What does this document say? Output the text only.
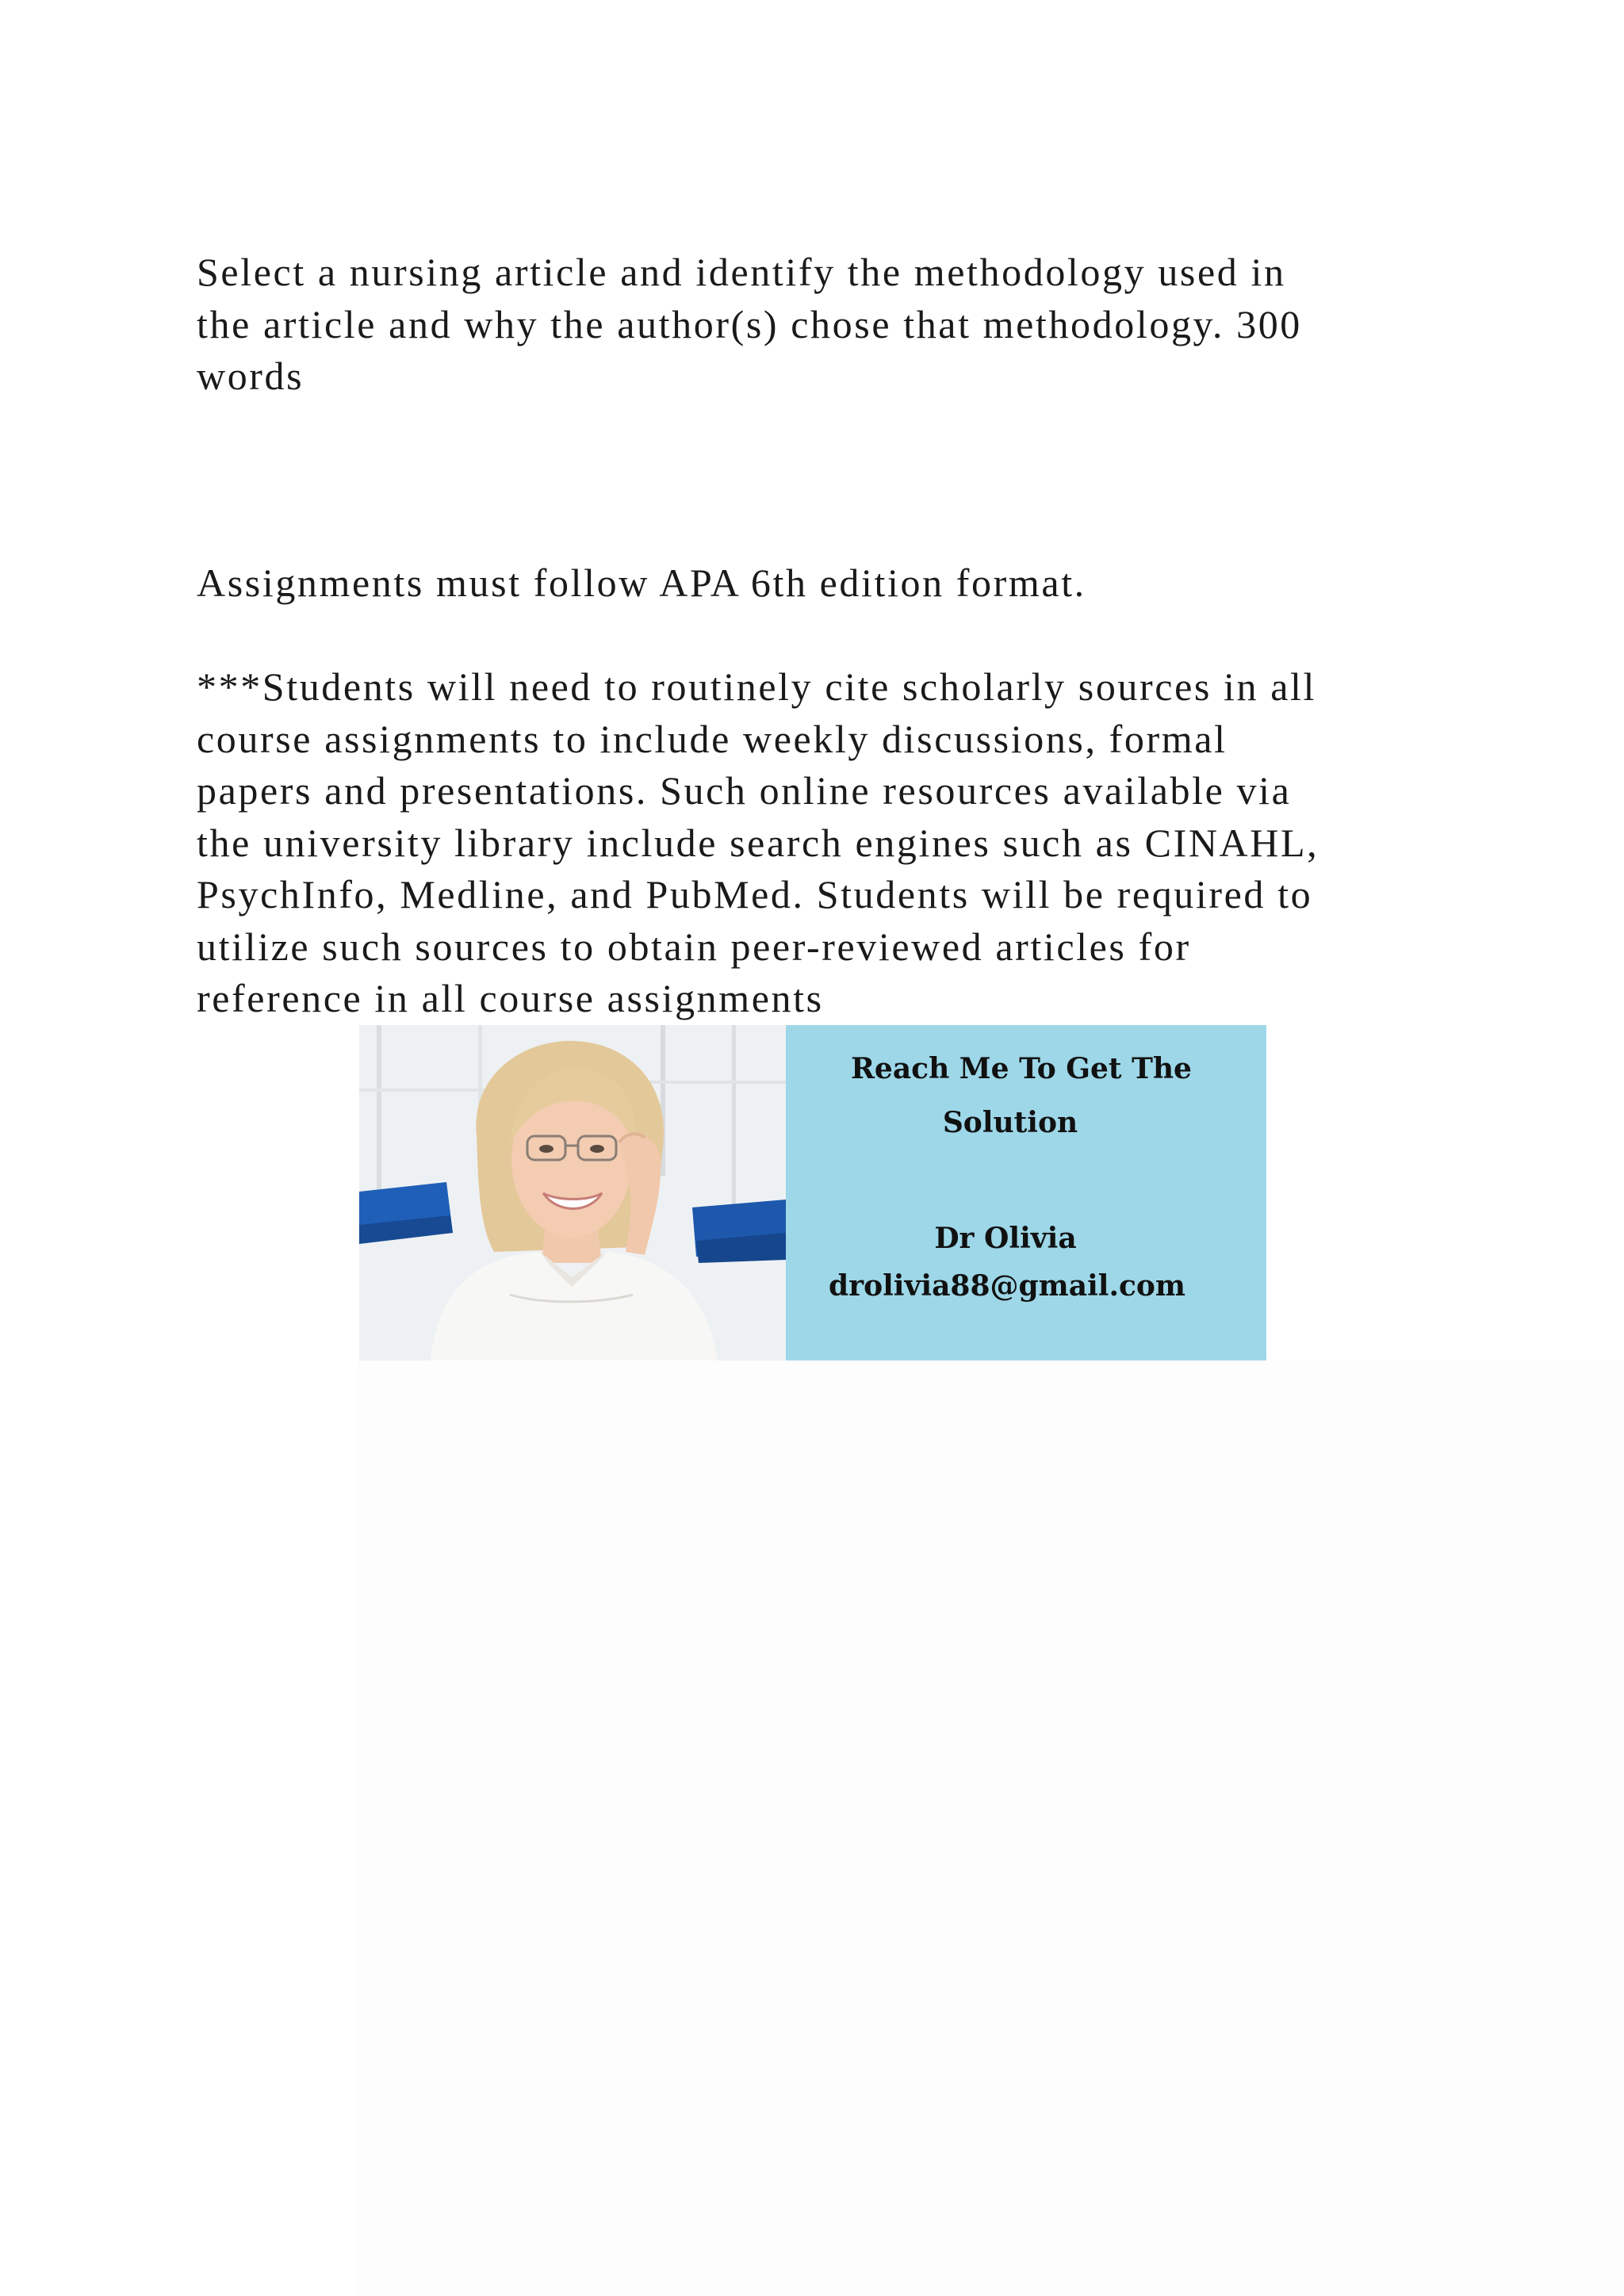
Select a nursing article and identify the methodology used in
the article and why the author(s) chose that methodology. 300
words

Assignments must follow APA 6th edition format.

***Students will need to routinely cite scholarly sources in all
course assignments to include weekly discussions, formal
papers and presentations. Such online resources available via
the university library include search engines such as CINAHL,
PsychInfo, Medline, and PubMed. Students will be required to
utilize such sources to obtain peer-reviewed articles for
reference in all course assignments

Reach Me To Get The
Solution
Dr Olivia
drolivia88@gmail.com
